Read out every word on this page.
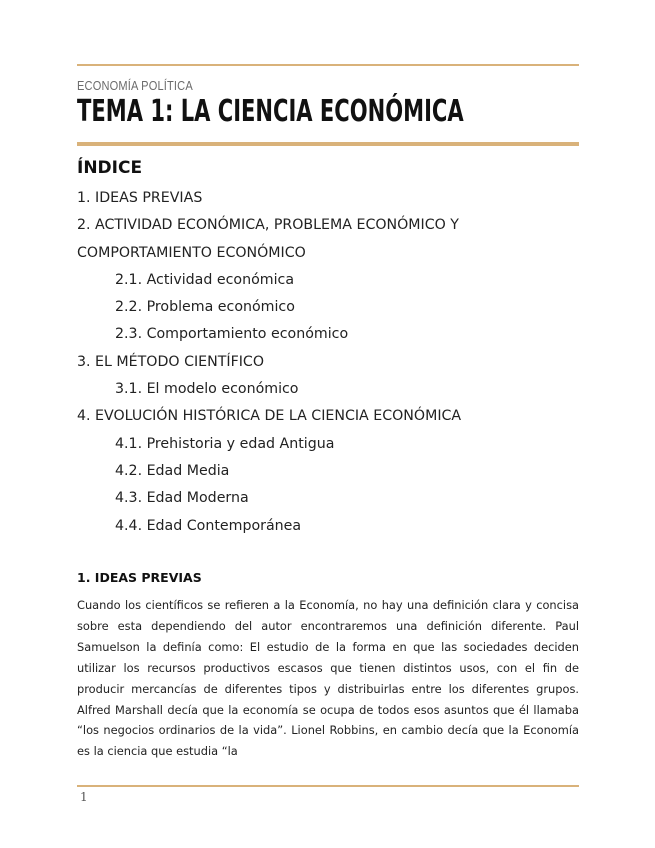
ECONOMÍA POLÍTICA
TEMA 1: LA CIENCIA ECONÓMICA
ÍNDICE
1. IDEAS PREVIAS
2. ACTIVIDAD ECONÓMICA, PROBLEMA ECONÓMICO Y
COMPORTAMIENTO ECONÓMICO
2.1. Actividad económica
2.2. Problema económico
2.3. Comportamiento económico
3. EL MÉTODO CIENTÍFICO
3.1. El modelo económico
4. EVOLUCIÓN HISTÓRICA DE LA CIENCIA ECONÓMICA
4.1. Prehistoria y edad Antigua
4.2. Edad Media
4.3. Edad Moderna
4.4. Edad Contemporánea
1. IDEAS PREVIAS

Cuando los científicos se refieren a la Economía, no hay una definición clara y concisa sobre esta dependiendo del autor encontraremos una definición diferente. Paul Samuelson la definía como: El estudio de la forma en que las sociedades deciden utilizar los recursos productivos escasos que tienen distintos usos, con el fin de producir mercancías de diferentes tipos y distribuirlas entre los diferentes grupos. Alfred Marshall decía que la economía se ocupa de todos esos asuntos que él llamaba “los negocios ordinarios de la vida”. Lionel Robbins, en cambio decía que la Economía es la ciencia que estudia “la

1
